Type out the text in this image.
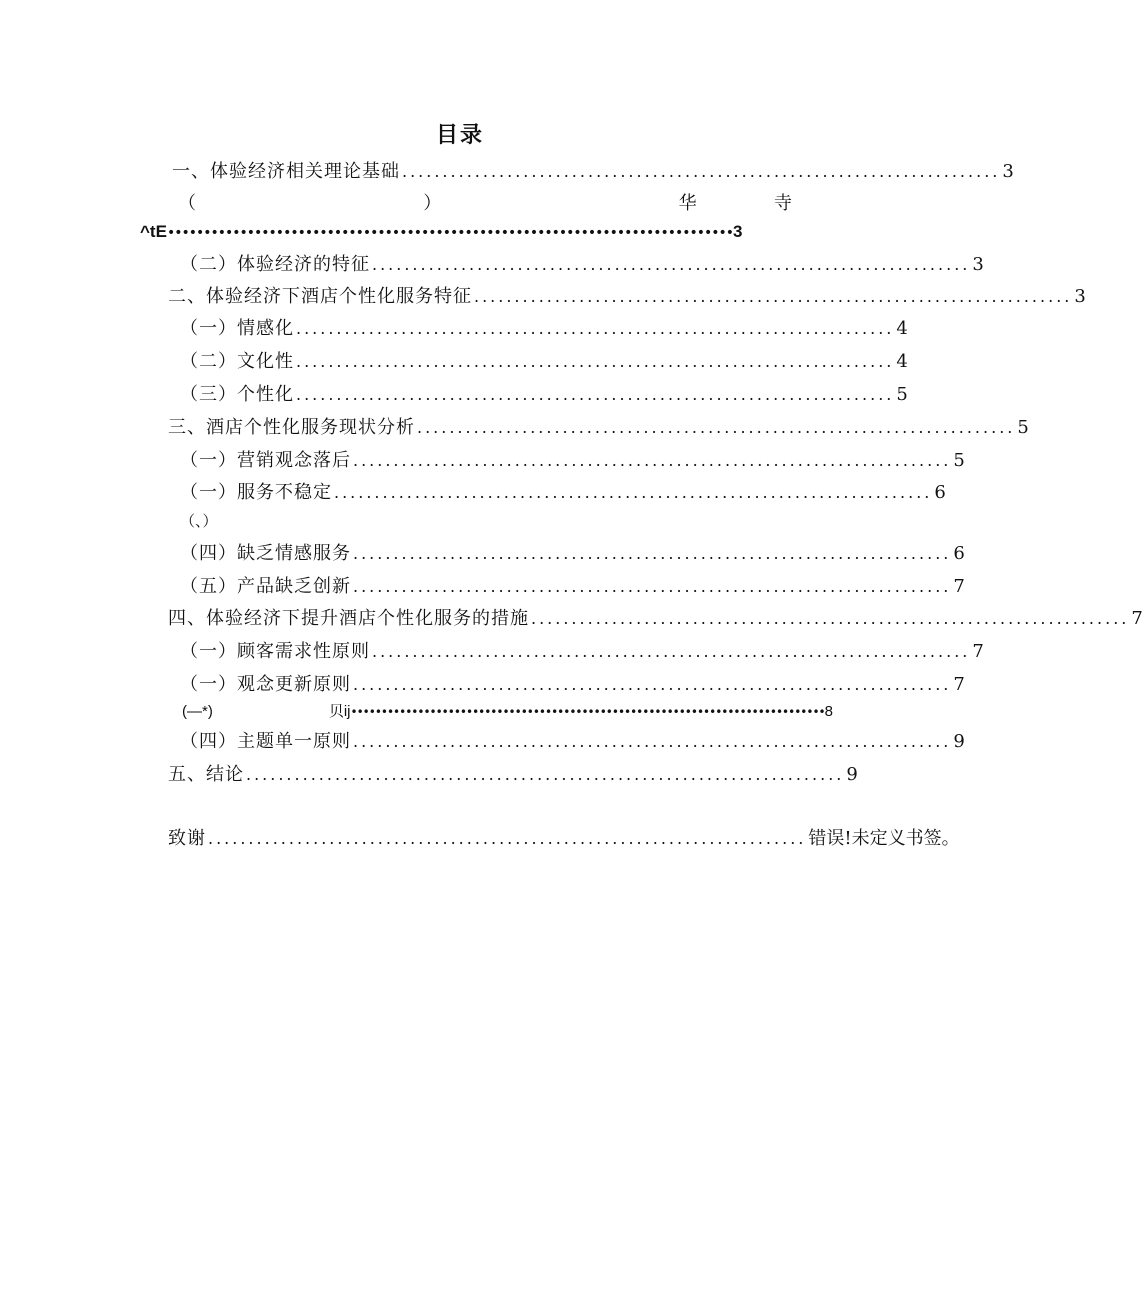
目录
一、体验经济相关理论基础 .......................................................................... 3
（	）	华	寺
^tE••••••••••••••••••••••••••••••••••••••••••••••••••••••••••••••••••••••••••••••3
（二）体验经济的特征 .......................................................................... 3
二、体验经济下酒店个性化服务特征 .......................................................................... 3
（一）情感化 .......................................................................... 4
（二）文化性 .......................................................................... 4
（三）个性化 .......................................................................... 5
三、酒店个性化服务现状分析 .......................................................................... 5
（一）营销观念落后 .......................................................................... 5
（一）服务不稳定 .......................................................................... 6
（、）
（四）缺乏情感服务 .......................................................................... 6
（五）产品缺乏创新 .......................................................................... 7
四、体验经济下提升酒店个性化服务的措施 .......................................................................... 7
（一）顾客需求性原则 .......................................................................... 7
（一）观念更新原则 .......................................................................... 7
(—*)	贝ij••••••••••••••••••••••••••••••••••••••••••••••••••••••••••••••••••••••••••••••8
（四）主题单一原则 .......................................................................... 9
五、结论 .......................................................................... 9
致谢 .......................................................................... 错误!未定义书签。
